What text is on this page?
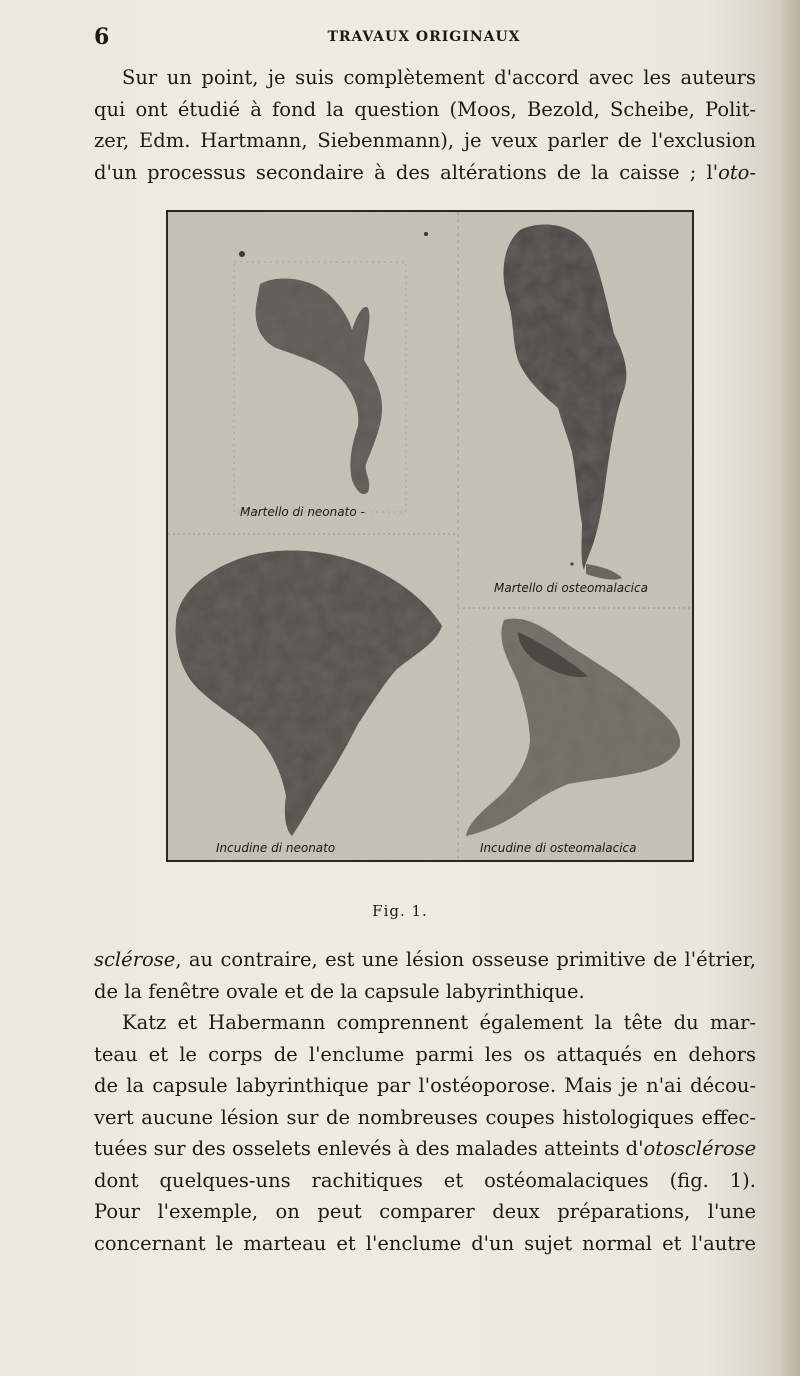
6	TRAVAUX ORIGINAUX
Sur un point, je suis complètement d'accord avec les auteurs
qui ont étudié à fond la question (Moos, Bezold, Scheibe, Polit-
zer, Edm. Hartmann, Siebenmann), je veux parler de l'exclusion
d'un processus secondaire à des altérations de la caisse ; l'oto-
Martello di neonato -
Martello di osteomalacica
Incudine di neonato	Incudine di osteomalacica
Fig. 1.
sclérose, au contraire, est une lésion osseuse primitive de l'étrier,
de la fenêtre ovale et de la capsule labyrinthique.
Katz et Habermann comprennent également la tête du mar-
teau et le corps de l'enclume parmi les os attaqués en dehors
de la capsule labyrinthique par l'ostéoporose. Mais je n'ai décou-
vert aucune lésion sur de nombreuses coupes histologiques effec-
tuées sur des osselets enlevés à des malades atteints d'otosclérose
dont quelques-uns rachitiques et ostéomalaciques (fig. 1).
Pour l'exemple, on peut comparer deux préparations, l'une
concernant le marteau et l'enclume d'un sujet normal et l'autre
